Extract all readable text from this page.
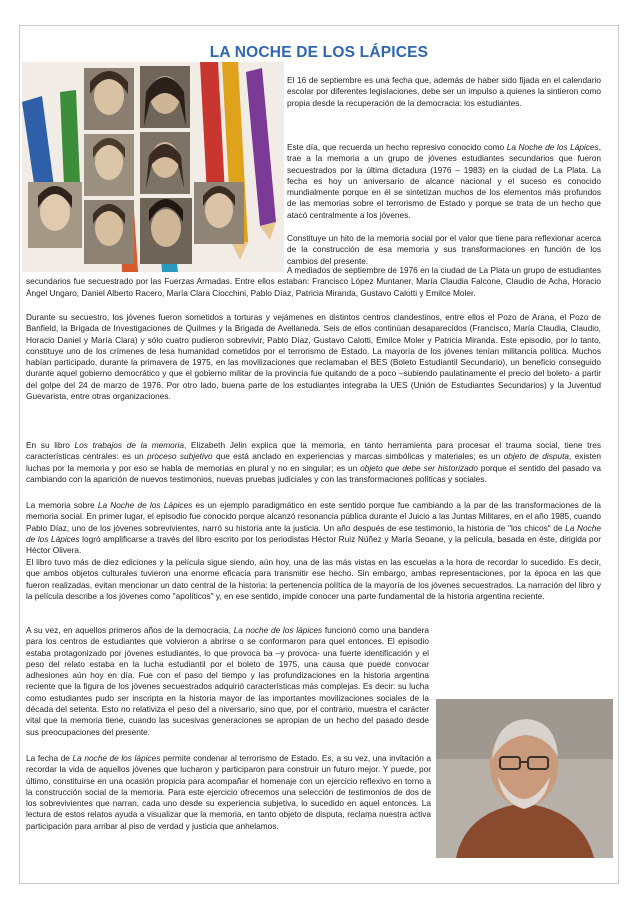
LA NOCHE DE LOS LÁPICES

El 16 de septiembre es una fecha que, además de haber sido fijada en el calendario escolar por diferentes legislaciones, debe ser un impulso a quienes la sintieron como propia desde la recuperación de la democracia: los estudiantes.

Este día, que recuerda un hecho represivo conocido como La Noche de los Lápices, trae a la memoria a un grupo de jóvenes estudiantes secundarios que fueron secuestrados por la última dictadura (1976 – 1983) en la ciudad de La Plata. La fecha es hoy un aniversario de alcance nacional y el suceso es conocido mundialmente porque en él se sintetizan muchos de los elementos más profundos de las memorias sobre el terrorismo de Estado y porque se trata de un hecho que atacó centralmente a los jóvenes.

Constituye un hito de la memoria social por el valor que tiene para reflexionar acerca de la construcción de esa memoria y sus transformaciones en función de los cambios del presente.

A mediados de septiembre de 1976 en la ciudad de La Plata un grupo de estudiantes secundarios fue secuestrado por las Fuerzas Armadas. Entre ellos estaban: Francisco López Muntaner, María Claudia Falcone, Claudio de Acha, Horacio Ángel Ungaro, Daniel Alberto Racero, María Clara Ciocchini, Pablo Díaz, Patricia Miranda, Gustavo Calotti y Emilce Moler.

Durante su secuestro, los jóvenes fueron sometidos a torturas y vejámenes en distintos centros clandestinos, entre ellos el Pozo de Arana, el Pozo de Banfield, la Brigada de Investigaciones de Quilmes y la Brigada de Avellaneda. Seis de ellos continúan desaparecidos (Francisco, María Claudia, Claudio, Horacio Daniel y María Clara) y sólo cuatro pudieron sobrevivir, Pablo Díaz, Gustavo Calotti, Emilce Moler y Patricia Miranda. Este episodio, por lo tanto, constituye uno de los crímenes de lesa humanidad cometidos por el terrorismo de Estado. La mayoría de los jóvenes tenían militancia política. Muchos habían participado, durante la primavera de 1975, en las movilizaciones que reclamaban el BES (Boleto Estudiantil Secundario), un beneficio conseguido durante aquel gobierno democrático y que el gobierno militar de la provincia fue quitando de a poco –subiendo paulatinamente el precio del boleto- a partir del golpe del 24 de marzo de 1976. Por otro lado, buena parte de los estudiantes integraba la UES (Unión de Estudiantes Secundarios) y la Juventud Guevarista, entre otras organizaciones.

En su libro Los trabajos de la memoria, Elizabeth Jelin explica que la memoria, en tanto herramienta para procesar el trauma social, tiene tres características centrales: es un proceso subjetivo que está anclado en experiencias y marcas simbólicas y materiales; es un objeto de disputa, existen luchas por la memoria y por eso se habla de memorias en plural y no en singular; es un objeto que debe ser historizado porque el sentido del pasado va cambiando con la aparición de nuevos testimonios, nuevas pruebas judiciales y con las transformaciones políticas y sociales.

La memoria sobre La Noche de los Lápices es un ejemplo paradigmático en este sentido porque fue cambiando a la par de las transformaciones de la memoria social. En primer lugar, el episodio fue conocido porque alcanzó resonancia pública durante el Juicio a las Juntas Militares, en el año 1985, cuando Pablo Díaz, uno de los jóvenes sobrevivientes, narró su historia ante la justicia. Un año después de ese testimonio, la historia de "los chicos" de La Noche de los Lápices logró amplificarse a través del libro escrito por los periodistas Héctor Ruiz Núñez y María Seoane, y la película, basada en éste, dirigida por Héctor Olivera.

El libro tuvo más de diez ediciones y la película sigue siendo, aún hoy, una de las más vistas en las escuelas a la hora de recordar lo sucedido. Es decir, que ambos objetos culturales tuvieron una enorme eficacia para transmitir ese hecho. Sin embargo, ambas representaciones, por la época en las que fueron realizadas, evitan mencionar un dato central de la historia: la pertenencia política de la mayoría de los jóvenes secuestrados. La narración del libro y la película describe a los jóvenes como "apolíticos" y, en ese sentido, impide conocer una parte fundamental de la historia argentina reciente.

A su vez, en aquellos primeros años de la democracia, La noche de los lápices funcionó como una bandera para los centros de estudiantes que volvieron a abrirse o se conformaron para quel entonces. El episodio estaba protagonizado por jóvenes estudiantes, lo que provoca ba –y provoca- una fuerte identificación y el peso del relato estaba en la lucha estudiantil por el boleto de 1975, una causa que puede convocar adhesiones aún hoy en día. Fue con el paso del tiempo y las profundizaciones en la historia argentina reciente que la figura de los jóvenes secuestrados adquirió características más complejas. Es decir: su lucha como estudiantes pudo ser inscripta en la historia mayor de las importantes movilizaciones sociales de la década del setenta. Esto no relativiza el peso del a niversario, sino que, por el contrario, muestra el carácter vital que la memoria tiene, cuando las sucesivas generaciones se apropian de un hecho del pasado desde sus preocupaciones del presente.

La fecha de La noche de los lápices permite condenar al terrorismo de Estado. Es, a su vez, una invitación a recordar la vida de aquellos jóvenes que lucharon y participaron para construir un futuro mejor. Y puede, por último, constituirse en una ocasión propicia para acompañar el homenaje con un ejercicio reflexivo en torno a la construcción social de la memoria. Para este ejercicio ofrecemos una selección de testimonios de dos de los sobrevivientes que narran, cada uno desde su experiencia subjetiva, lo sucedido en aquel entonces. La lectura de estos relatos ayuda a visualizar que la memoria, en tanto objeto de disputa, reclama nuestra activa participación para arribar al piso de verdad y justicia que anhelamos.
